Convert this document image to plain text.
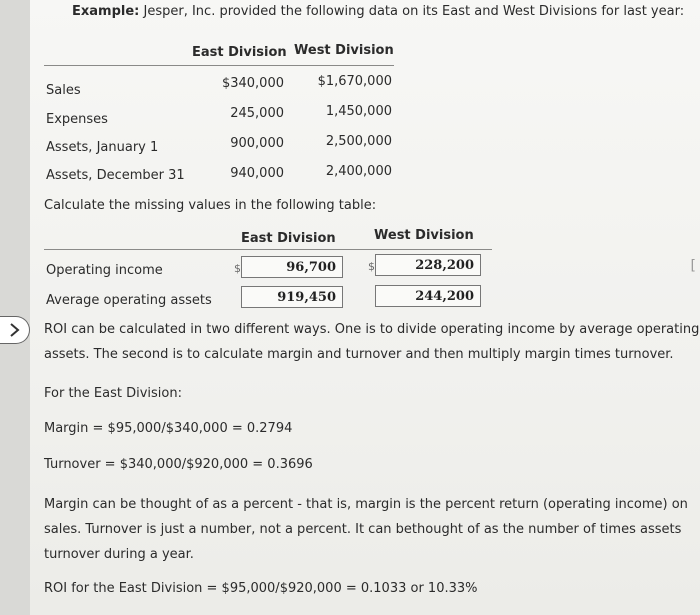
Example: Jesper, Inc. provided the following data on its East and West Divisions for last year:
East Division West Division
Sales	$340,000	$1,670,000
Expenses	245,000	1,450,000
Assets, January 1	900,000	2,500,000
Assets, December 31	940,000	2,400,000
Calculate the missing values in the following table:
East Division	West Division
Operating income	$	96,700	$	228,200
Average operating assets	919,450	244,200
ROI can be calculated in two different ways. One is to divide operating income by average operating
assets. The second is to calculate margin and turnover and then multiply margin times turnover.
For the East Division:
Margin = $95,000/$340,000 = 0.2794
Turnover = $340,000/$920,000 = 0.3696
Margin can be thought of as a percent - that is, margin is the percent return (operating income) on
sales. Turnover is just a number, not a percent. It can bethought of as the number of times assets
turnover during a year.
ROI for the East Division = $95,000/$920,000 = 0.1033 or 10.33%
[
